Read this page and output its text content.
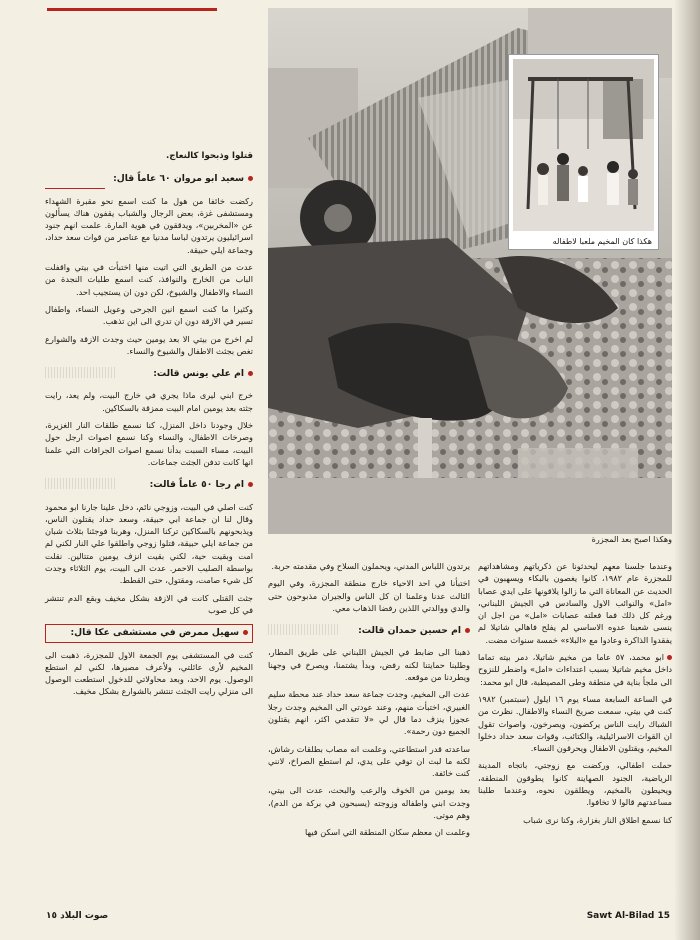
هكذا كان المخيم ملعبا لاطفاله
وهكذا اصبح بعد المجزرة

قتلوا وذبحوا كالنعاج.

سعيد ابو مروان ٦٠ عاماً قال:

ركضت خائفا من هول ما كنت اسمع نحو مقبرة الشهداء ومستشفى غزة، بعض الرجال والشباب يقفون هناك يسألون عن «المخربين»، ويدققون في هوية المارة. علمت انهم جنود اسرائيليون يرتدون لباسا مدنيا مع عناصر من قوات سعد حداد، وجماعة ايلي حبيقة.

عدت من الطريق التي اتيت منها اختبأت في بيتي واقفلت الباب من الخارج والنوافذ، كنت اسمع طلبات النجدة من النساء والاطفال والشيوخ، لكن دون ان يستجيب احد.

وكثيرا ما كنت اسمع انين الجرحى وعويل النساء، واطفال تسير في الازقة دون ان تدري الى اين تذهب.

لم اخرج من بيتي الا بعد يومين حيث وجدت الازقة والشوارع تغص بجثث الاطفال والشيوخ والنساء.

ام علي يونس قالت:

خرج ابني ليرى ماذا يجري في خارج البيت، ولم يعد، رايت جثته بعد يومين امام البيت ممزقة بالسكاكين.

خلال وجودنا داخل المنزل، كنا نسمع طلقات النار الغزيرة، وصرخات الاطفال، والنساء وكنا نسمع اصوات ارجل حول البيت، مساء السبت بدأنا نسمع اصوات الجرافات التي علمنا انها كانت تدفن الجثث جماعات.

ام رجا ٥٠ عاماً قالت:

كنت اصلي في البيت، وزوجي نائم، دخل علينا جارنا ابو محمود وقال لنا ان جماعة ابي حبيقة، وسعد حداد يقتلون الناس، ويذبحونهم بالسكاكين تركنا المنزل، وهربنا فوجئنا بثلاث شبان من جماعة ايلي حبيقة، قتلوا زوجي واطلقوا علي النار لكني لم امت وبقيت حية، لكني بقيت انزف يومين متتالين. نقلت بواسطة الصليب الاحمر. عدت الى البيت، يوم الثلاثاء وجدت كل شيء صامت، ومقتول، حتى القطط.

جثث القتلى كانت في الازقة بشكل مخيف وبقع الدم تنتشر في كل صوب

سهيل ممرض في مستشفى عكا قال:

كنت في المستشفى يوم الجمعة الاول للمجزرة، ذهبت الى المخيم لأرى عائلتي، ولأعرف مصيرها، لكني لم استطع الوصول. يوم الاحد، وبعد محاولاتي للدخول استطعت الوصول الى منزلي رايت الجثث تنتشر بالشوارع بشكل مخيف.

يرتدون اللباس المدني، ويحملون السلاح وفي مقدمته حربة.

اختبأنا في احد الاحياء خارج منطقة المجزرة، وفي اليوم الثالث عدنا وعلمنا ان كل الناس والجيران مذبوحون حتى والدي ووالدتي اللذين رفضا الذهاب معي.

ام حسين حمدان قالت:

ذهبنا الى ضابط في الجيش اللبناني على طريق المطار، وطلبنا حمايتنا لكنه رفض، وبدأ يشتمنا، ويصرخ في وجهنا ويطردنا من موقعه.

عدت الى المخيم، وجدت جماعة سعد حداد عند محطة سليم الغبيري، اختبأت منهم، وعند عودتي الى المخيم وجدت رجلا عجوزا ينزف دما قال لي «لا تتقدمي اكثر، انهم يقتلون الجميع دون رحمة».

ساعدته قدر استطاعتي، وعلمت انه مصاب بطلقات رشاش، لكنه ما لبث ان توفي على يدي، لم استطع الصراخ، لانني كنت خائفة.

بعد يومين من الخوف والرعب والبحث، عدت الى بيتي، وجدت ابني واطفاله وزوجته (يسبحون في بركة من الدم)، وهم موتى.

وعلمت ان معظم سكان المنطقة التي اسكن فيها

وعندما جلسنا معهم ليحدثونا عن ذكرياتهم ومشاهداتهم للمجزرة عام ١٩٨٢، كانوا يغصون بالبكاء ويسهبون في الحديث عن المعاناة التي ما زالوا يلاقونها على ايدي عصابا «امل» والنوائب الاول والسادس في الجيش اللبناني، ورغم كل ذلك فما فعلته عصابات «امل» من اجل ان ينسى شعبنا عدوه الاساسي لم يفلح فاهالي شاتيلا لم يفقدوا الذاكرة وعادوا مع «البلاء» خمسة سنوات مضت.

ابو محمد، ٥٧ عاما من مخيم شاتيلا، دمر بيته تماما داخل مخيم شاتيلا بسبب اعتداءات «امل» واضطر للنزوح الى ملجأ بناية في منطقة وطى المصيطبة، قال ابو محمد:

في الساعة السابعة مساء يوم ١٦ ايلول (سبتمبر) ١٩٨٢ كنت في بيتي، سمعت صريخ النساء والاطفال. نظرت من الشباك رايت الناس يركضون، ويصرخون، واصوات تقول ان القوات الاسرائيلية، والكتائب، وقوات سعد حداد دخلوا المخيم، ويقتلون الاطفال ويحرقون النساء.

حملت اطفالي، وركضت مع زوجتي، باتجاه المدينة الرياضية، الجنود الصهاينة كانوا يطوقون المنطقة، ويحيطون بالمخيم، ويطلقون نحوه، وعندما طلبنا مساعدتهم قالوا لا تخافوا.

كنا نسمع اطلاق النار بغزارة، وكنا نرى شباب

صوت البلاد ١٥	Sawt Al-Bilad 15
